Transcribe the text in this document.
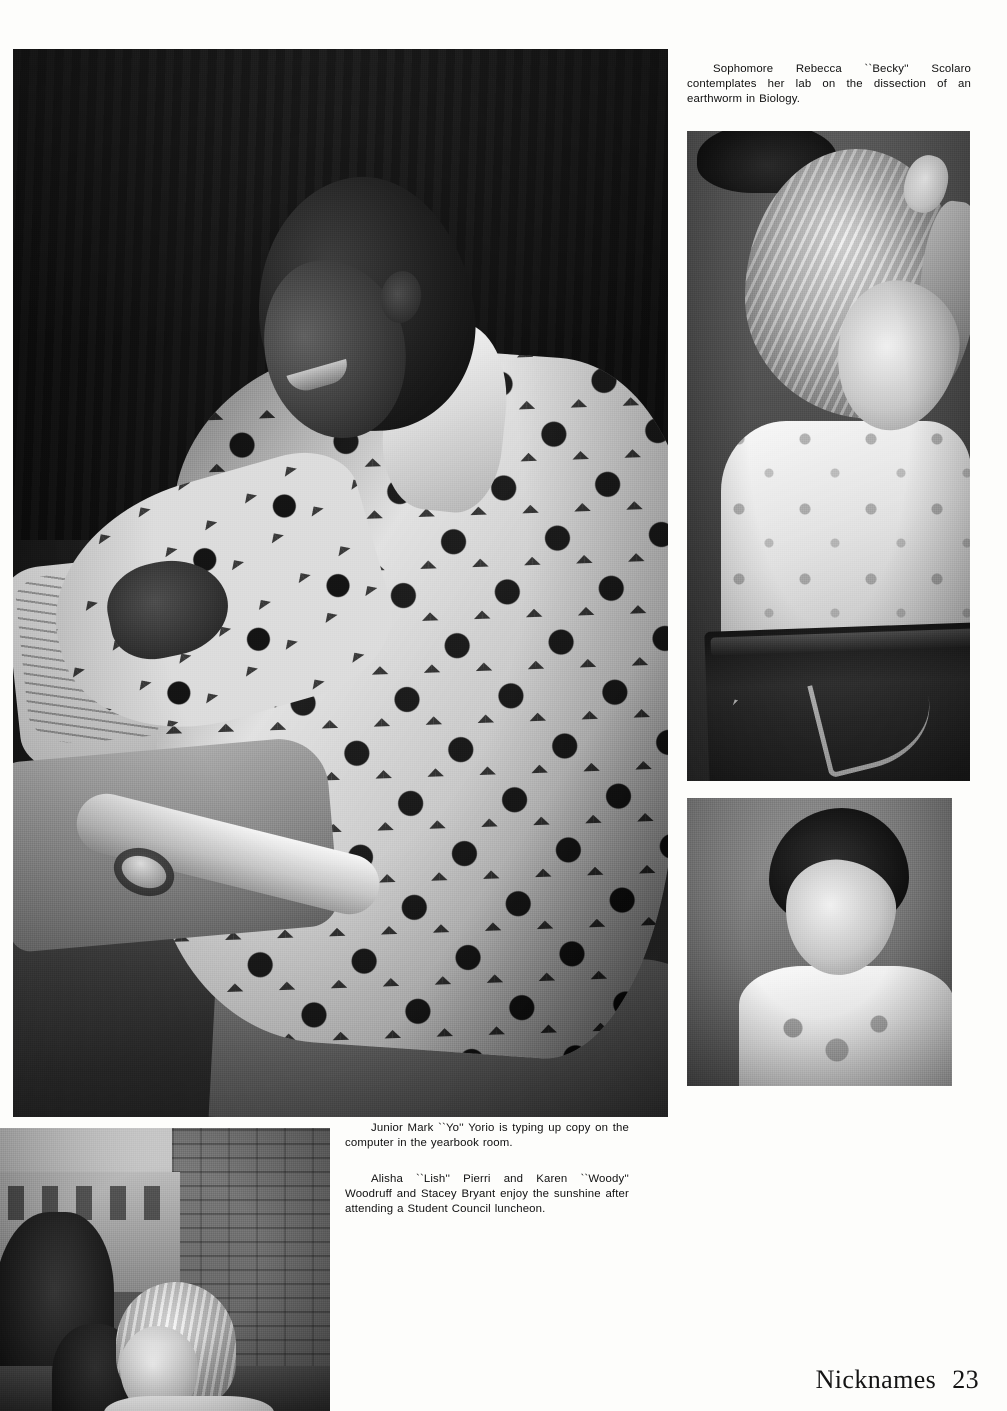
Sophomore Rebecca ``Becky'' Scolaro contemplates her lab on the dissection of an earthworm in Biology.
Junior Mark ``Yo'' Yorio is typing up copy on the computer in the yearbook room.
Alisha ``Lish'' Pierri and Karen ``Woody'' Woodruff and Stacey Bryant enjoy the sunshine after attending a Student Council luncheon.
Nicknames 23
